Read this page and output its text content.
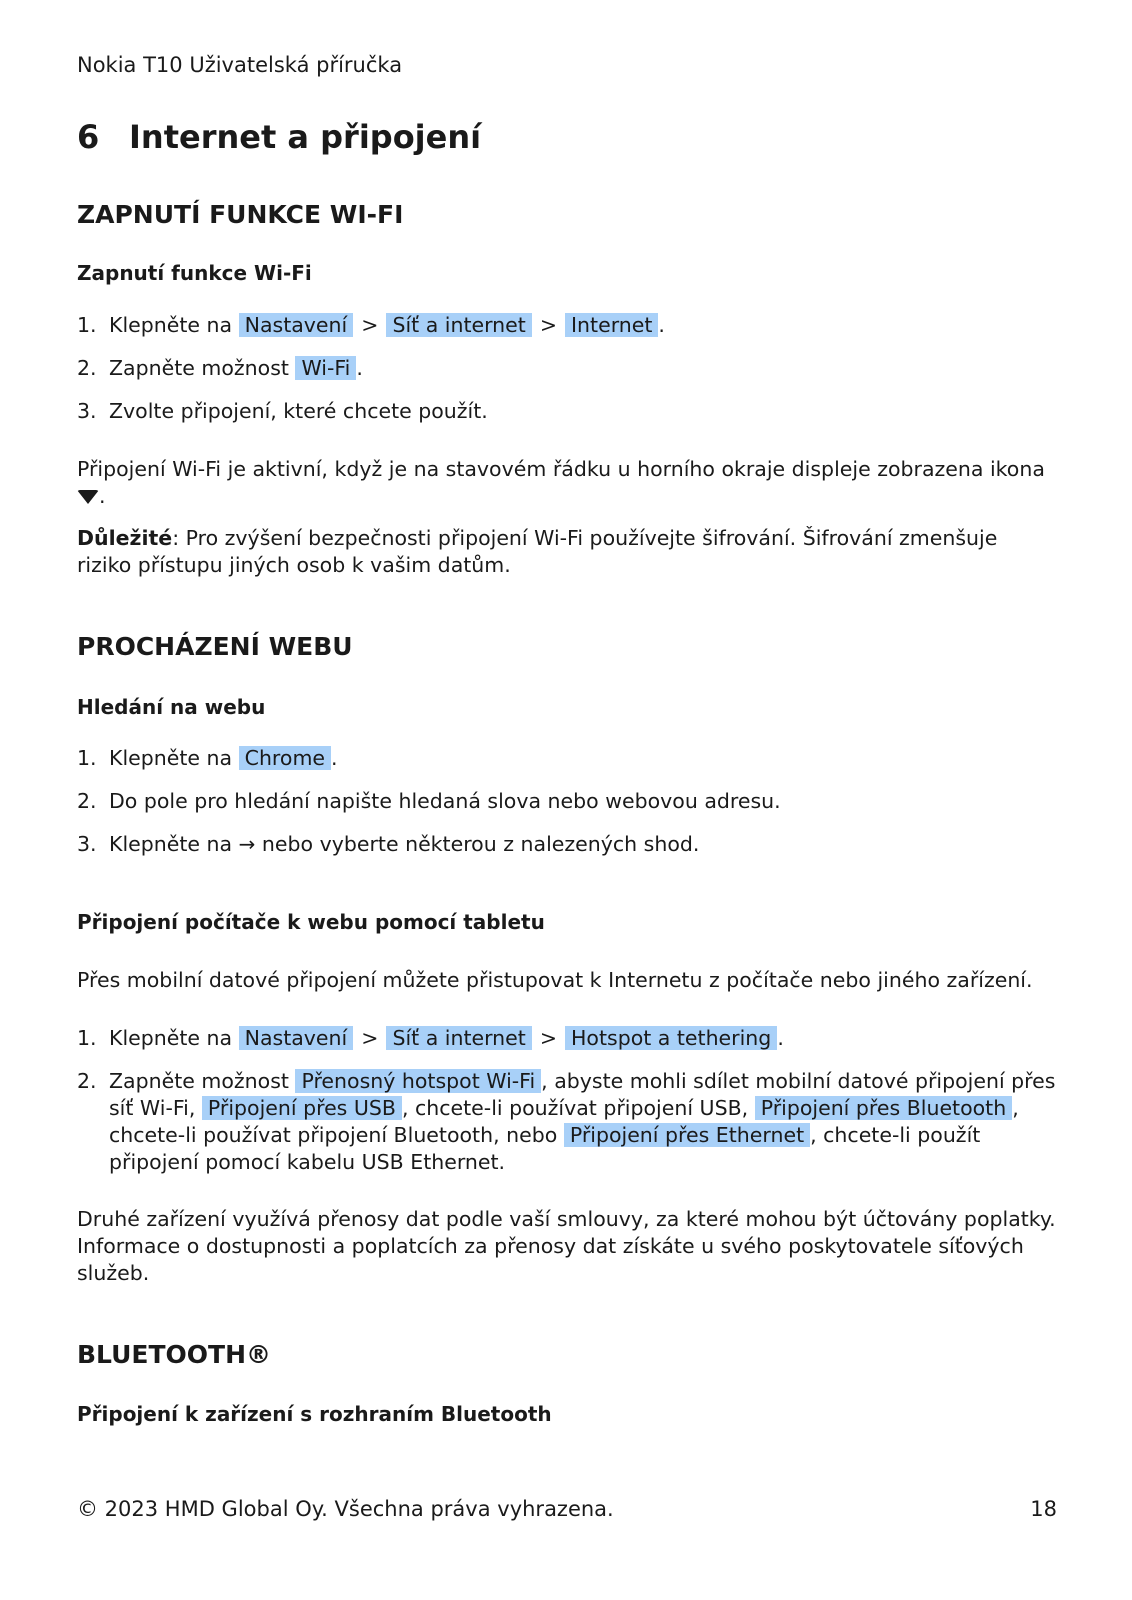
Nokia T10 Uživatelská příručka
6 Internet a připojení
ZAPNUTÍ FUNKCE WI-FI
Zapnutí funkce Wi-Fi
1. Klepněte na Nastavení > Síť a internet > Internet .
2. Zapněte možnost Wi-Fi .
3. Zvolte připojení, které chcete použít.

Připojení Wi-Fi je aktivní, když je na stavovém řádku u horního okraje displeje zobrazena ikona
.

Důležité: Pro zvýšení bezpečnosti připojení Wi-Fi používejte šifrování. Šifrování zmenšuje riziko přístupu jiných osob k vašim datům.

PROCHÁZENÍ WEBU
Hledání na webu
1. Klepněte na Chrome .
2. Do pole pro hledání napište hledaná slova nebo webovou adresu.
3. Klepněte na → nebo vyberte některou z nalezených shod.
Připojení počítače k webu pomocí tabletu

Přes mobilní datové připojení můžete přistupovat k Internetu z počítače nebo jiného zařízení.

1. Klepněte na Nastavení > Síť a internet > Hotspot a tethering .
2. Zapněte možnost Přenosný hotspot Wi-Fi , abyste mohli sdílet mobilní datové připojení přes síť Wi-Fi, Připojení přes USB , chcete-li používat připojení USB, Připojení přes Bluetooth , chcete-li používat připojení Bluetooth, nebo Připojení přes Ethernet , chcete-li použít připojení pomocí kabelu USB Ethernet.

Druhé zařízení využívá přenosy dat podle vaší smlouvy, za které mohou být účtovány poplatky. Informace o dostupnosti a poplatcích za přenosy dat získáte u svého poskytovatele síťových služeb.

BLUETOOTH®
Připojení k zařízení s rozhraním Bluetooth
© 2023 HMD Global Oy. Všechna práva vyhrazena.	18
